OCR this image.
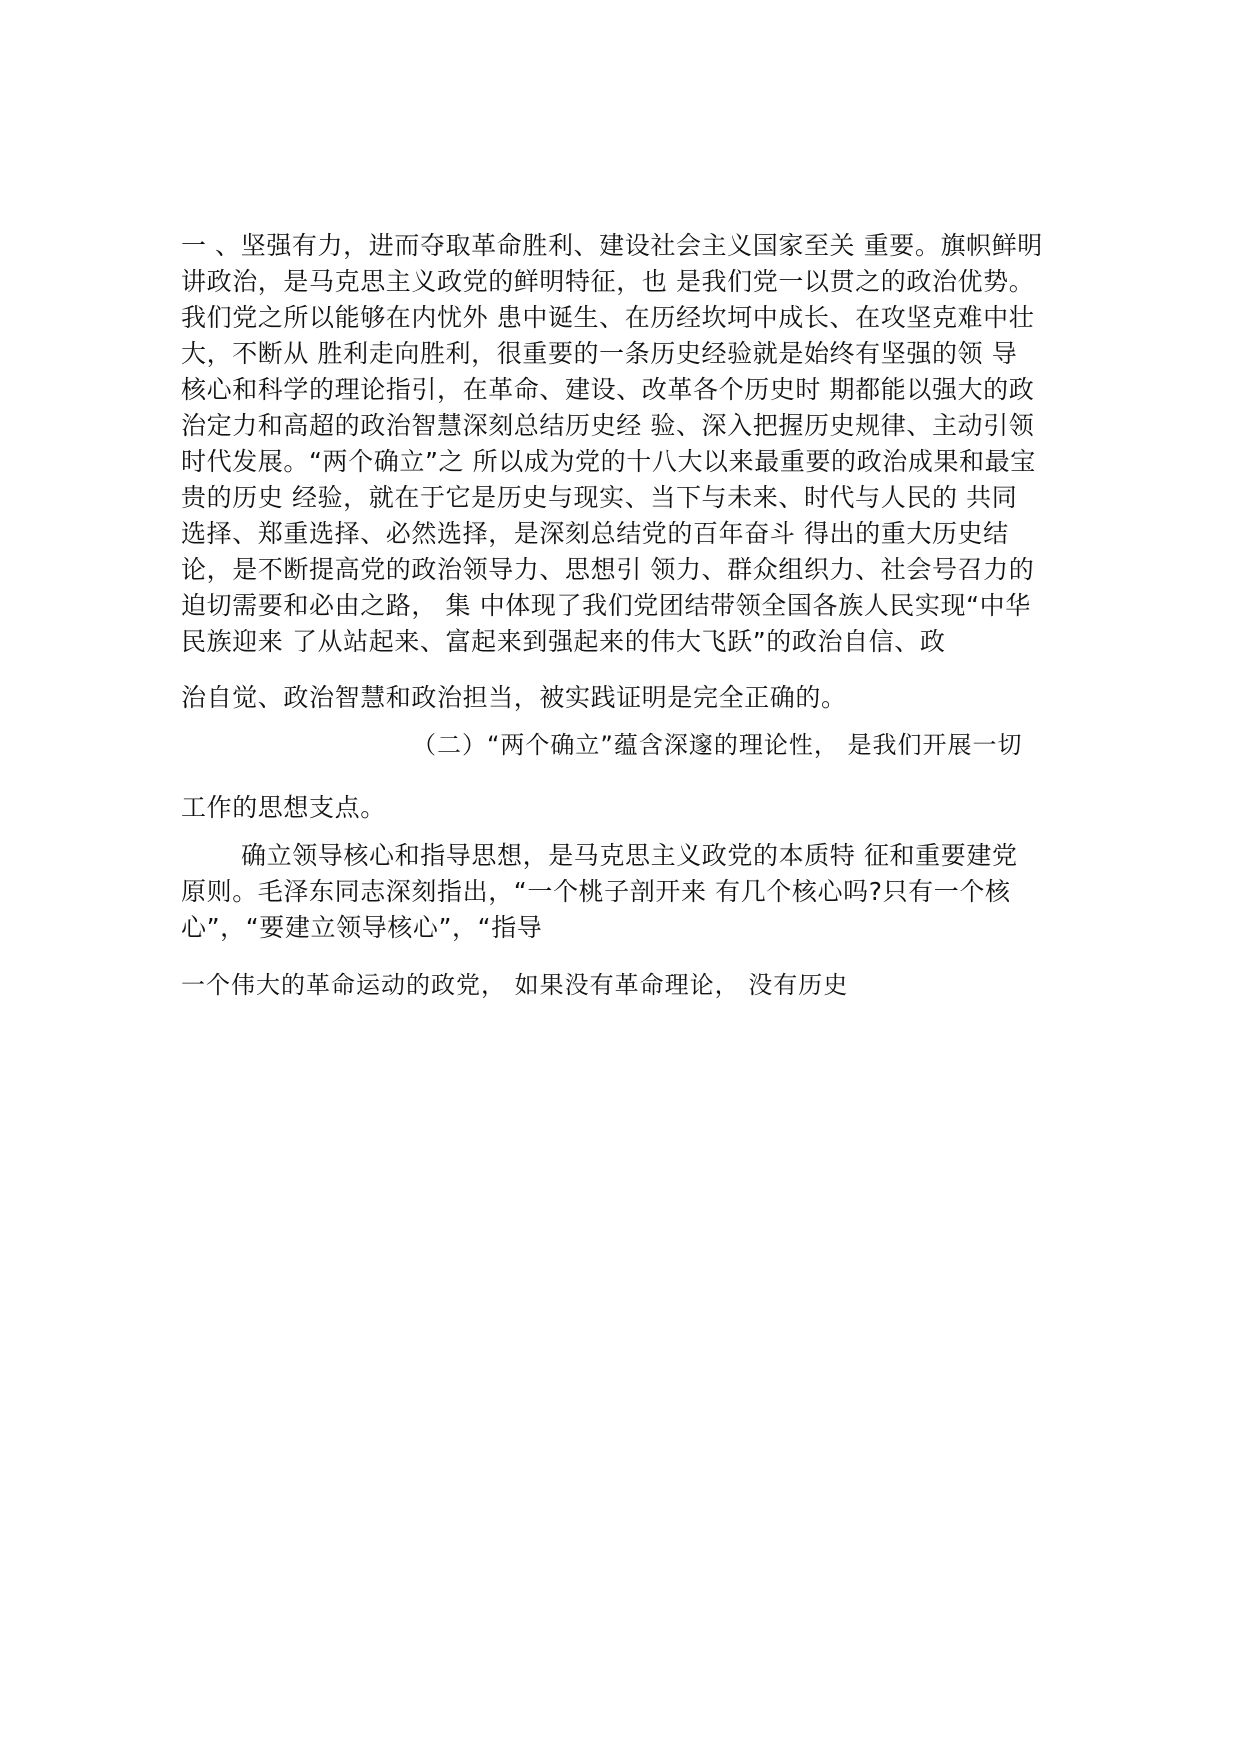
一 、坚强有力，进而夺取革命胜利、建设社会主义国家至关 重要。旗帜鲜明
讲政治，是马克思主义政党的鲜明特征，也 是我们党一以贯之的政治优势。
我们党之所以能够在内忧外 患中诞生、在历经坎坷中成长、在攻坚克难中壮
大，不断从 胜利走向胜利，很重要的一条历史经验就是始终有坚强的领 导
核心和科学的理论指引，在革命、建设、改革各个历史时 期都能以强大的政
治定力和高超的政治智慧深刻总结历史经 验、深入把握历史规律、主动引领
时代发展。“两个确立”之 所以成为党的十八大以来最重要的政治成果和最宝
贵的历史 经验，就在于它是历史与现实、当下与未来、时代与人民的 共同
选择、郑重选择、必然选择，是深刻总结党的百年奋斗 得出的重大历史结
论，是不断提高党的政治领导力、思想引 领力、群众组织力、社会号召力的
迫切需要和必由之路， 集 中体现了我们党团结带领全国各族人民实现“中华
民族迎来 了从站起来、富起来到强起来的伟大飞跃”的政治自信、政
治自觉、政治智慧和政治担当，被实践证明是完全正确的。
（二）“两个确立”蕴含深邃的理论性， 是我们开展一切
工作的思想支点。
确立领导核心和指导思想，是马克思主义政党的本质特 征和重要建党
原则。毛泽东同志深刻指出，“一个桃子剖开来 有几个核心吗?只有一个核
心”，“要建立领导核心”，“指导
一个伟大的革命运动的政党， 如果没有革命理论， 没有历史
